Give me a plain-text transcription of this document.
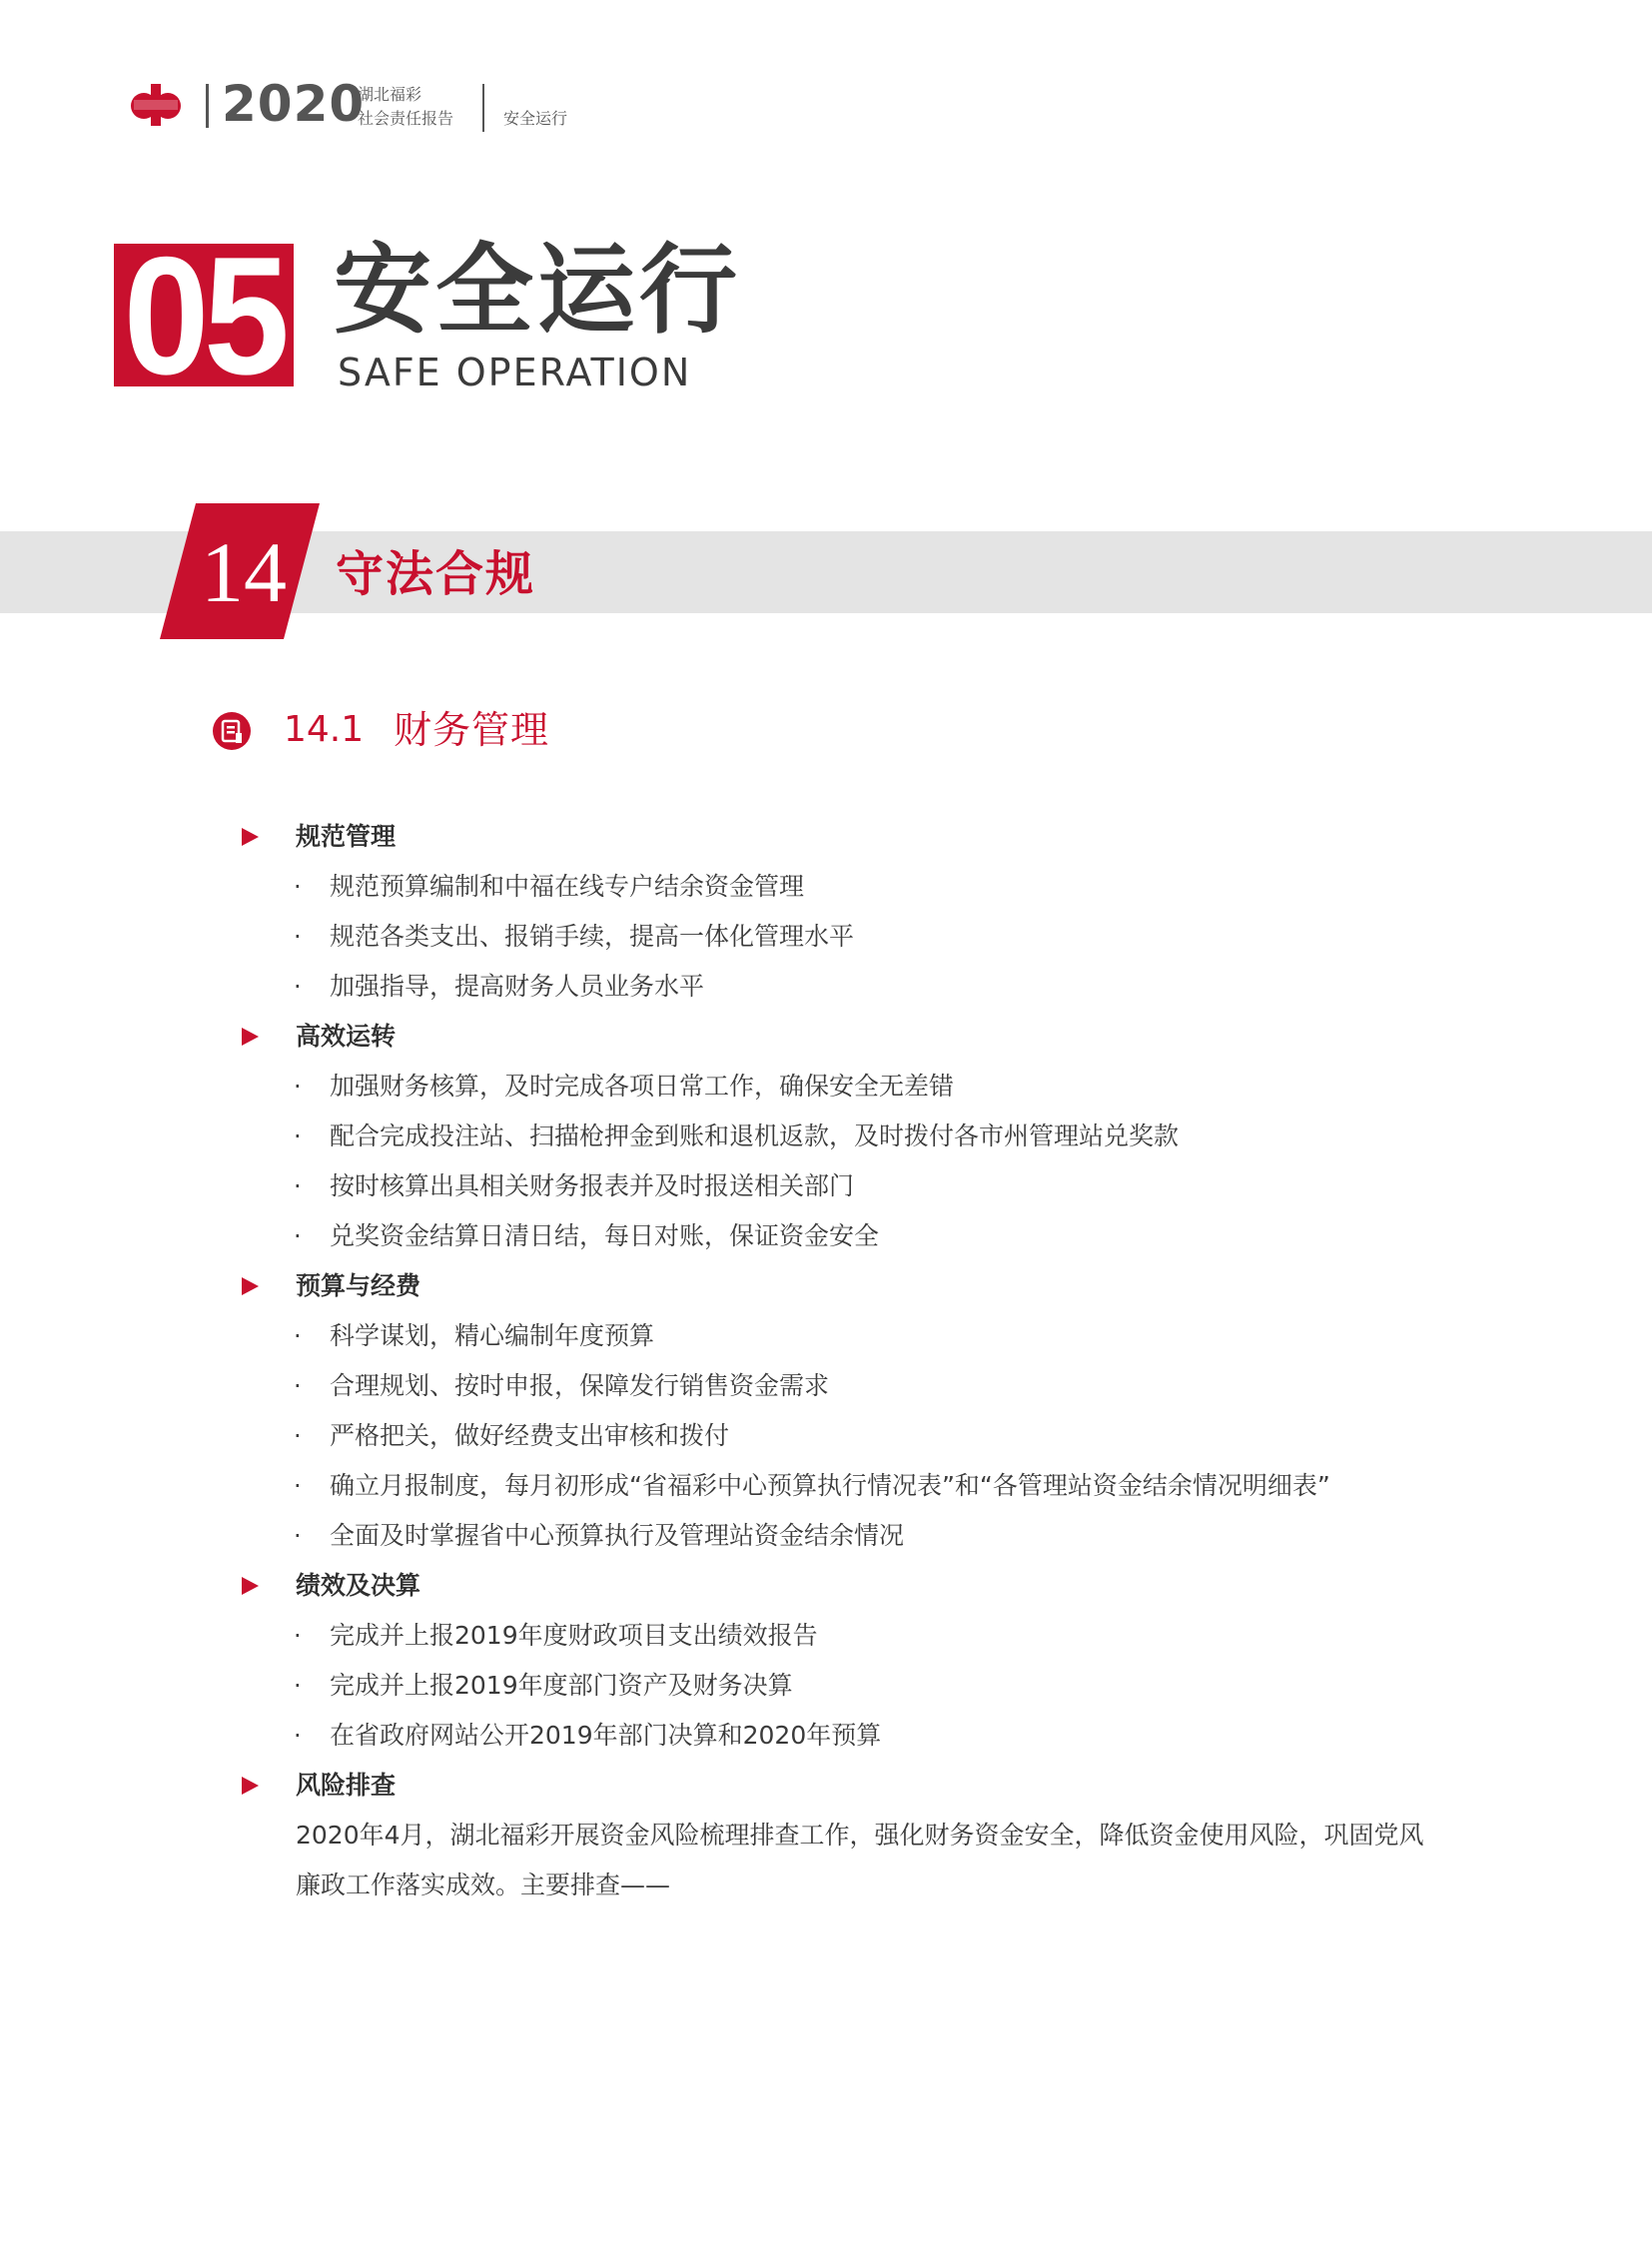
2020
湖北福彩
社会责任报告	安全运行
05 安全运行
SAFE OPERATION
14 守法合规
14.1 财务管理
规范管理
· 规范预算编制和中福在线专户结余资金管理
· 规范各类支出、报销手续，提高一体化管理水平
· 加强指导，提高财务人员业务水平
高效运转
· 加强财务核算，及时完成各项日常工作，确保安全无差错
· 配合完成投注站、扫描枪押金到账和退机返款，及时拨付各市州管理站兑奖款
· 按时核算出具相关财务报表并及时报送相关部门
· 兑奖资金结算日清日结，每日对账，保证资金安全
预算与经费
· 科学谋划，精心编制年度预算
· 合理规划、按时申报，保障发行销售资金需求
· 严格把关，做好经费支出审核和拨付
· 确立月报制度，每月初形成“省福彩中心预算执行情况表”和“各管理站资金结余情况明细表”
· 全面及时掌握省中心预算执行及管理站资金结余情况
绩效及决算
· 完成并上报2019年度财政项目支出绩效报告
· 完成并上报2019年度部门资产及财务决算
· 在省政府网站公开2019年部门决算和2020年预算
风险排查
2020年4月，湖北福彩开展资金风险梳理排查工作，强化财务资金安全，降低资金使用风险，巩固党风廉政工作落实成效。主要排查——
